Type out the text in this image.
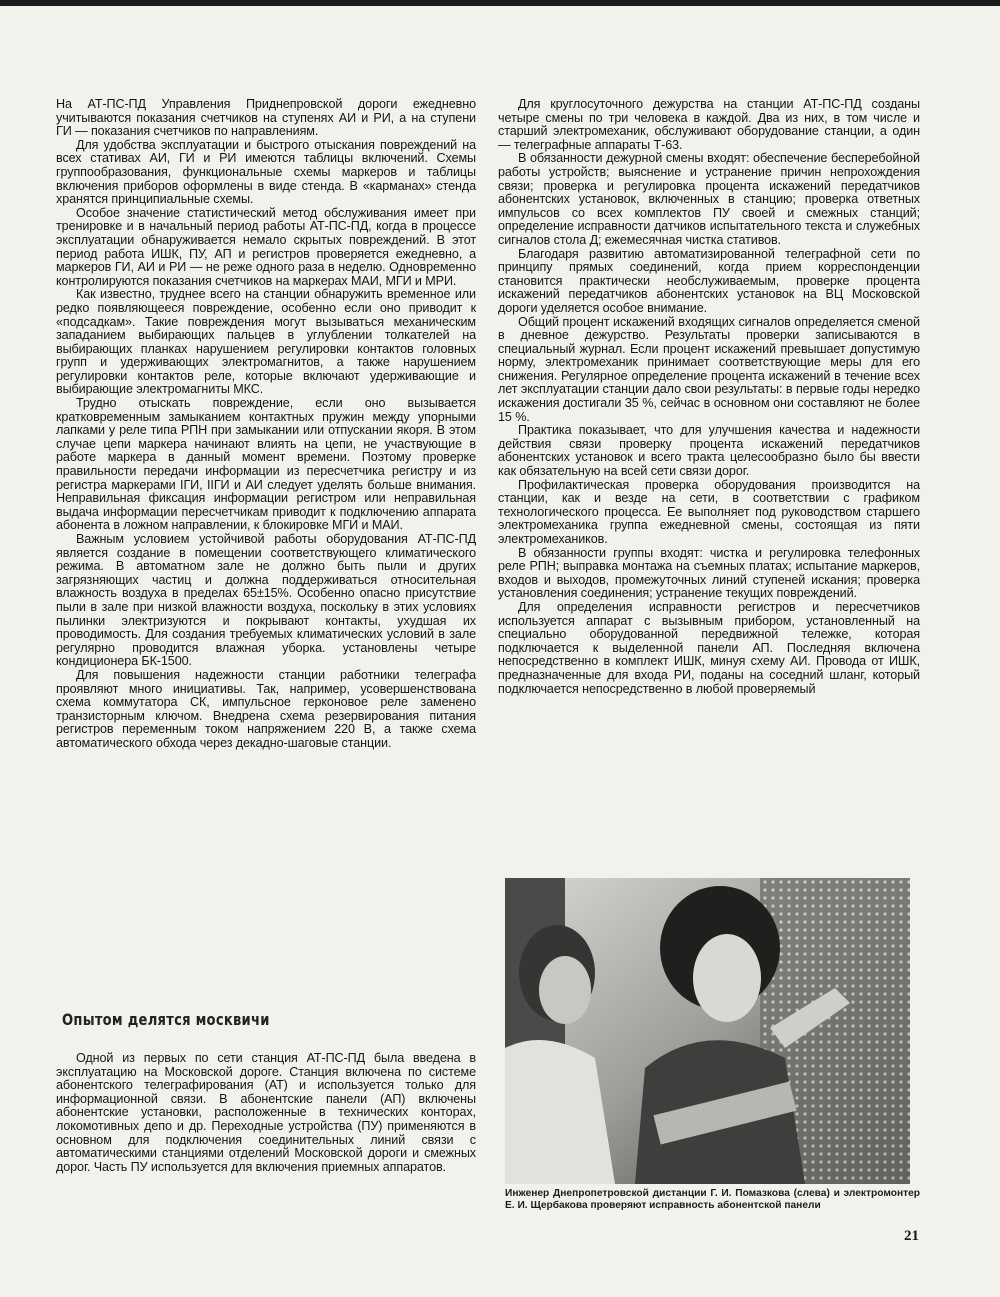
На АТ-ПС-ПД Управления Приднепровской дороги ежедневно учитываются показания счетчиков на ступенях АИ и РИ, а на ступени ГИ — показания счетчиков по направлениям.

Для удобства эксплуатации и быстрого отыскания повреждений на всех стативах АИ, ГИ и РИ имеются таблицы включений. Схемы группообразования, функциональные схемы маркеров и таблицы включения приборов оформлены в виде стенда. В «карманах» стенда хранятся принципиальные схемы.

Особое значение статистический метод обслуживания имеет при тренировке и в начальный период работы АТ-ПС-ПД, когда в процессе эксплуатации обнаруживается немало скрытых повреждений. В этот период работа ИШК, ПУ, АП и регистров проверяется ежедневно, а маркеров ГИ, АИ и РИ — не реже одного раза в неделю. Одновременно контролируются показания счетчиков на маркерах МАИ, МГИ и МРИ.

Как известно, труднее всего на станции обнаружить временное или редко появляющееся повреждение, особенно если оно приводит к «подсадкам». Такие повреждения могут вызываться механическим западанием выбирающих пальцев в углублении толкателей на выбирающих планках нарушением регулировки контактов головных групп и удерживающих электромагнитов, а также нарушением регулировки контактов реле, которые включают удерживающие и выбирающие электромагниты МКС.

Трудно отыскать повреждение, если оно вызывается кратковременным замыканием контактных пружин между упорными лапками у реле типа РПН при замыкании или отпускании якоря. В этом случае цепи маркера начинают влиять на цепи, не участвующие в работе маркера в данный момент времени. Поэтому проверке правильности передачи информации из пересчетчика регистру и из регистра маркерами IГИ, IIГИ и АИ следует уделять больше внимания. Неправильная фиксация информации регистром или неправильная выдача информации пересчетчикам приводит к подключению аппарата абонента в ложном направлении, к блокировке МГИ и МАИ.

Важным условием устойчивой работы оборудования АТ-ПС-ПД является создание в помещении соответствующего климатического режима. В автоматном зале не должно быть пыли и других загрязняющих частиц и должна поддерживаться относительная влажность воздуха в пределах 65±15%. Особенно опасно присутствие пыли в зале при низкой влажности воздуха, поскольку в этих условиях пылинки электризуются и покрывают контакты, ухудшая их проводимость. Для создания требуемых климатических условий в зале регулярно проводится влажная уборка. установлены четыре кондиционера БК-1500.

Для повышения надежности станции работники телеграфа проявляют много инициативы. Так, например, усовершенствована схема коммутатора СК, импульсное герконовое реле заменено транзисторным ключом. Внедрена схема резервирования питания регистров переменным током напряжением 220 В, а также схема автоматического обхода через декадно-шаговые станции.

Для круглосуточного дежурства на станции АТ-ПС-ПД созданы четыре смены по три человека в каждой. Два из них, в том числе и старший электромеханик, обслуживают оборудование станции, а один — телеграфные аппараты Т-63.

В обязанности дежурной смены входят: обеспечение бесперебойной работы устройств; выяснение и устранение причин непрохождения связи; проверка и регулировка процента искажений передатчиков абонентских установок, включенных в станцию; проверка ответных импульсов со всех комплектов ПУ своей и смежных станций; определение исправности датчиков испытательного текста и служебных сигналов стола Д; ежемесячная чистка стативов.

Благодаря развитию автоматизированной телеграфной сети по принципу прямых соединений, когда прием корреспонденции становится практически необслуживаемым, проверке процента искажений передатчиков абонентских установок на ВЦ Московской дороги уделяется особое внимание.

Общий процент искажений входящих сигналов определяется сменой в дневное дежурство. Результаты проверки записываются в специальный журнал. Если процент искажений превышает допустимую норму, электромеханик принимает соответствующие меры для его снижения. Регулярное определение процента искажений в течение всех лет эксплуатации станции дало свои результаты: в первые годы нередко искажения достигали 35 %, сейчас в основном они составляют не более 15 %.

Практика показывает, что для улучшения качества и надежности действия связи проверку процента искажений передатчиков абонентских установок и всего тракта целесообразно было бы ввести как обязательную на всей сети связи дорог.

Профилактическая проверка оборудования производится на станции, как и везде на сети, в соответствии с графиком технологического процесса. Ее выполняет под руководством старшего электромеханика группа ежедневной смены, состоящая из пяти электромехаников.

В обязанности группы входят: чистка и регулировка телефонных реле РПН; выправка монтажа на съемных платах; испытание маркеров, входов и выходов, промежуточных линий ступеней искания; проверка установления соединения; устранение текущих повреждений.

Для определения исправности регистров и пересчетчиков используется аппарат с вызывным прибором, установленный на специально оборудованной передвижной тележке, которая подключается к выделенной панели АП. Последняя включена непосредственно в комплект ИШК, минуя схему АИ. Провода от ИШК, предназначенные для входа РИ, поданы на соседний шланг, который подключается непосредственно в любой проверяемый

Опытом делятся москвичи

Одной из первых по сети станция АТ-ПС-ПД была введена в эксплуатацию на Московской дороге. Станция включена по системе абонентского телеграфирования (АТ) и используется только для информационной связи. В абонентские панели (АП) включены абонентские установки, расположенные в технических конторах, локомотивных депо и др. Переходные устройства (ПУ) применяются в основном для подключения соединительных линий связи с автоматическими станциями отделений Московской дороги и смежных дорог. Часть ПУ используется для включения приемных аппаратов.

Инженер Днепропетровской дистанции Г. И. Помазкова (слева) и электромонтер Е. И. Щербакова проверяют исправность абонентской панели
21
